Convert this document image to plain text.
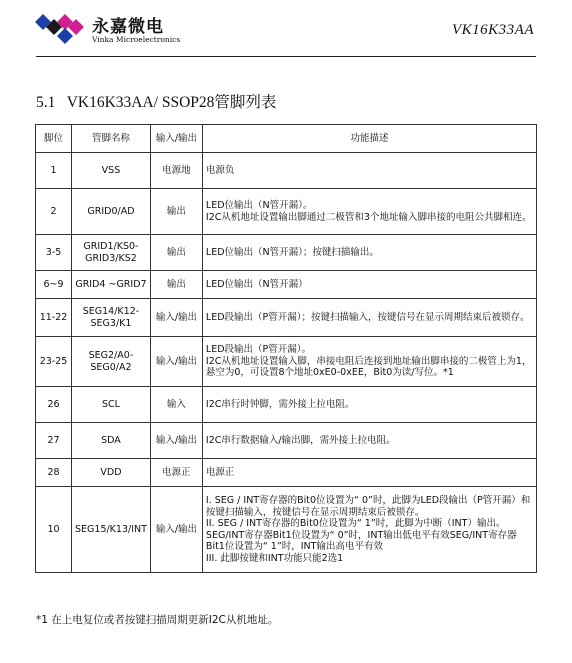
永嘉微电
Vinka Microelectronics
VK16K33AA
5.1   VK16K33AA/ SSOP28管脚列表
脚位	管脚名称	输入/输出	功能描述
1	VSS	电源地	电源负
2	GRID0/AD	输出	LED位输出（N管开漏）。
I2C从机地址设置输出脚通过二极管和3个地址输入脚串接的电阻公共脚相连。
3-5	GRID1/KS0-GRID3/KS2	输出	LED位输出（N管开漏）；按键扫描输出。
6~9	GRID4 ~GRID7	输出	LED位输出（N管开漏）
11-22	SEG14/K12-SEG3/K1	输入/输出	LED段输出（P管开漏）；按键扫描输入，按键信号在显示周期结束后被锁存。
23-25	SEG2/A0-SEG0/A2	输入/输出	LED段输出（P管开漏）。
I2C从机地址设置输入脚，串接电阻后连接到地址输出脚串接的二极管上为1，悬空为0，可设置8个地址0xE0-0xEE，Bit0为读/写位。*1
26	SCL	输入	I2C串行时钟脚，需外接上拉电阻。
27	SDA	输入/输出	I2C串行数据输入/输出脚，需外接上拉电阻。
28	VDD	电源正	电源正
10	SEG15/K13/INT	输入/输出	I. SEG / INT寄存器的Bit0位设置为“ 0”时，此脚为LED段输出（P管开漏）和按键扫描输入，按键信号在显示周期结束后被锁存。
II. SEG / INT寄存器的Bit0位设置为“ 1”时，此脚为中断（INT）输出。 SEG/INT寄存器Bit1位设置为“ 0”时，INT输出低电平有效SEG/INT寄存器Bit1位设置为“ 1”时，INT输出高电平有效
III. 此脚按键和INT功能只能2选1
*1 在上电复位或者按键扫描周期更新I2C从机地址。
